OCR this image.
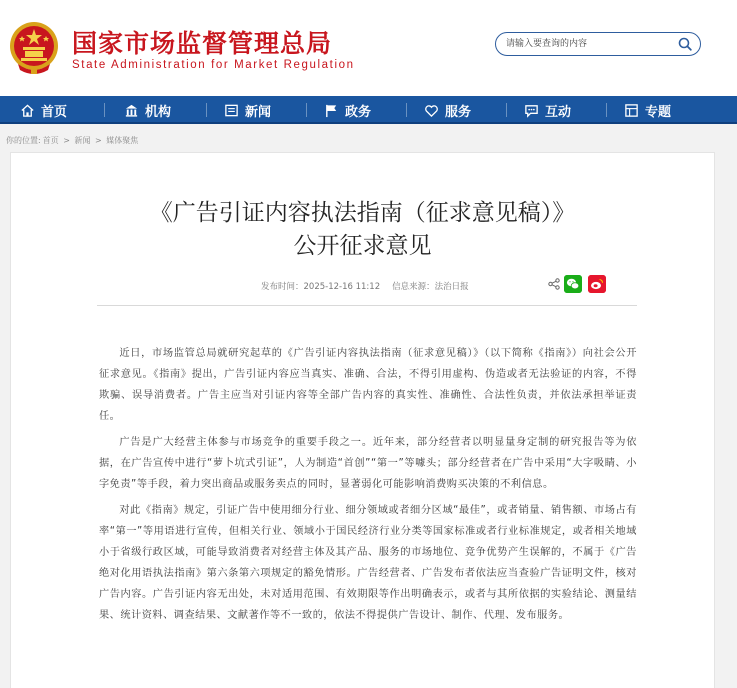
国家市场监督管理总局
State Administration for Market Regulation
请输入要查询的内容
首页	机构	新闻	政务	服务	互动	专题
你的位置: 首页 > 新闻 > 媒体聚焦
《广告引证内容执法指南（征求意见稿）》
公开征求意见
发布时间：2025-12-16 11:12 信息来源：法治日报

近日，市场监管总局就研究起草的《广告引证内容执法指南（征求意见稿）》（以下简称《指南》）向社会公开征求意见。《指南》提出，广告引证内容应当真实、准确、合法，不得引用虚构、伪造或者无法验证的内容，不得欺骗、误导消费者。广告主应当对引证内容等全部广告内容的真实性、准确性、合法性负责，并依法承担举证责任。

广告是广大经营主体参与市场竞争的重要手段之一。近年来，部分经营者以明显量身定制的研究报告等为依据，在广告宣传中进行“萝卜坑式引证”，人为制造“首创”“第一”等噱头；部分经营者在广告中采用“大字吸睛、小字免责”等手段，着力突出商品或服务卖点的同时，显著弱化可能影响消费购买决策的不利信息。

对此《指南》规定，引证广告中使用细分行业、细分领域或者细分区域“最佳”，或者销量、销售额、市场占有率“第一”等用语进行宣传，但相关行业、领域小于国民经济行业分类等国家标准或者行业标准规定，或者相关地域小于省级行政区域，可能导致消费者对经营主体及其产品、服务的市场地位、竞争优势产生误解的，不属于《广告绝对化用语执法指南》第六条第六项规定的豁免情形。广告经营者、广告发布者依法应当查验广告证明文件，核对广告内容。广告引证内容无出处，未对适用范围、有效期限等作出明确表示，或者与其所依据的实验结论、测量结果、统计资料、调查结果、文献著作等不一致的，依法不得提供广告设计、制作、代理、发布服务。
